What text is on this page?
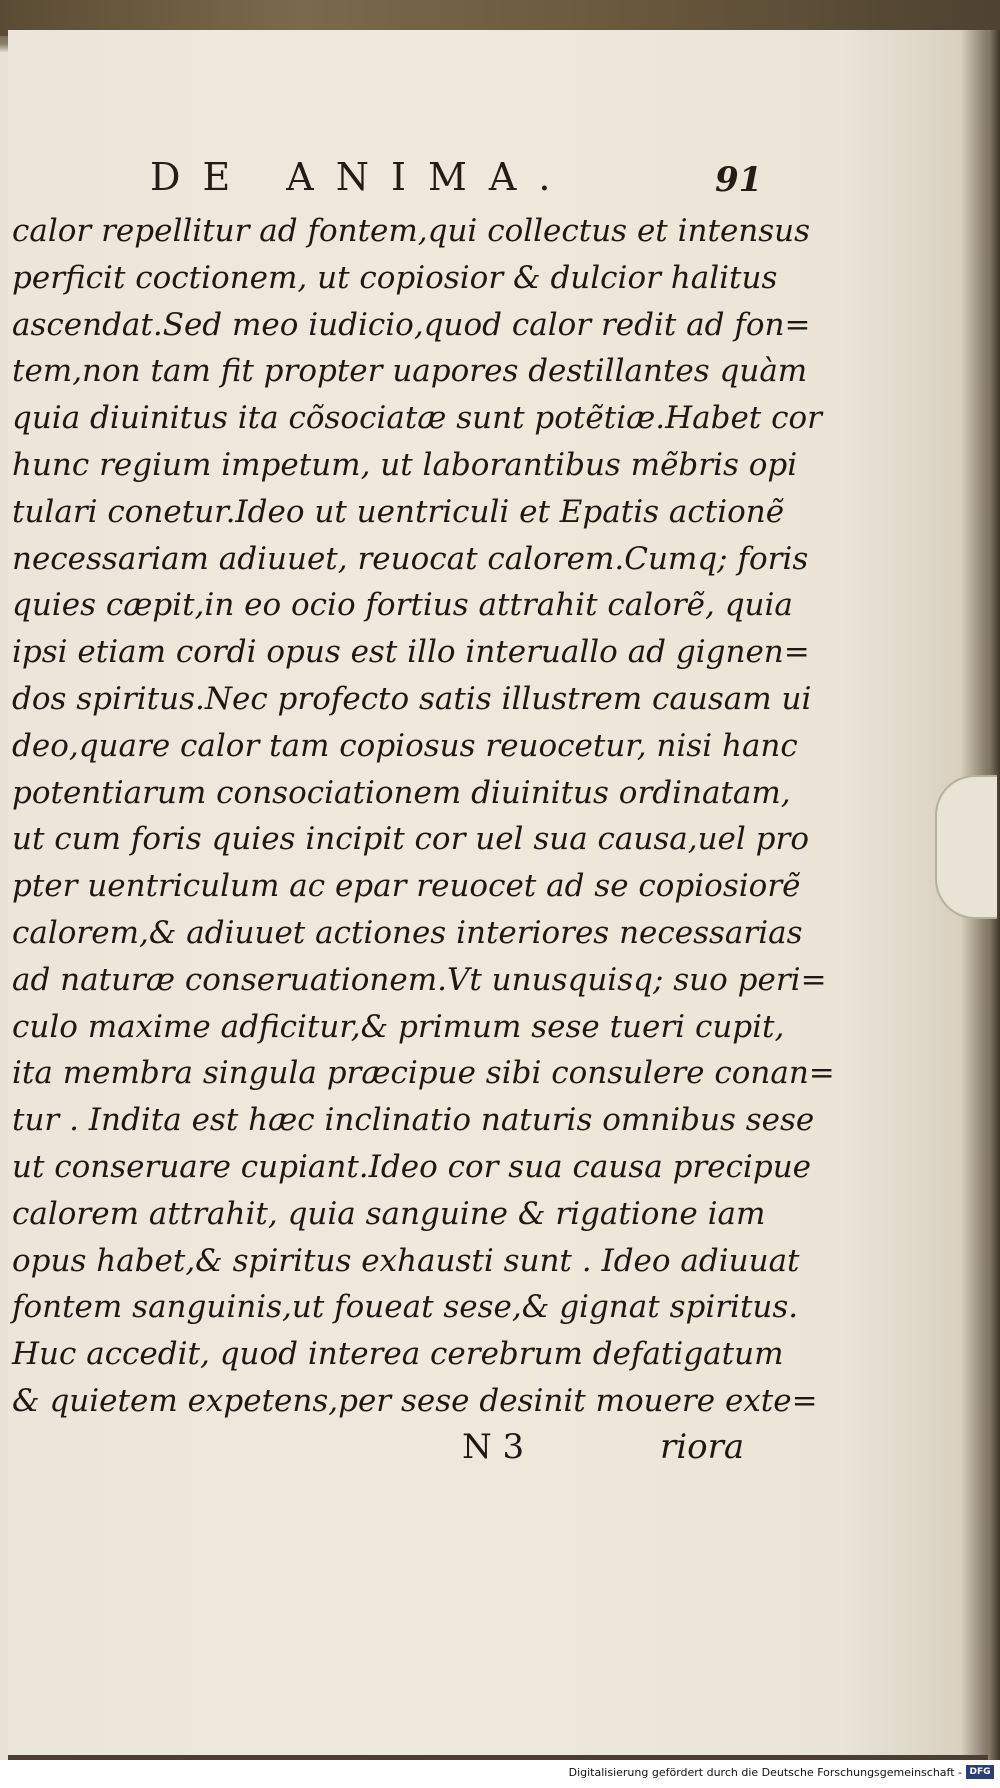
DE ANIMA.	91
calor repellitur ad fontem,qui collectus et intensus
perficit coctionem, ut copiosior & dulcior halitus
ascendat.Sed meo iudicio,quod calor redit ad fon=
tem,non tam fit propter uapores destillantes quàm
quia diuinitus ita cõsociatæ sunt potẽtiæ.Habet cor
hunc regium impetum, ut laborantibus mẽbris opi
tulari conetur.Ideo ut uentriculi et Epatis actionẽ
necessariam adiuuet, reuocat calorem.Cumq; foris
quies cæpit,in eo ocio fortius attrahit calorẽ, quia
ipsi etiam cordi opus est illo interuallo ad gignen=
dos spiritus.Nec profecto satis illustrem causam ui
deo,quare calor tam copiosus reuocetur, nisi hanc
potentiarum consociationem diuinitus ordinatam,
ut cum foris quies incipit cor uel sua causa,uel pro
pter uentriculum ac epar reuocet ad se copiosiorẽ
calorem,& adiuuet actiones interiores necessarias
ad naturæ conseruationem.Vt unusquisq; suo peri=
culo maxime adficitur,& primum sese tueri cupit,
ita membra singula præcipue sibi consulere conan=
tur . Indita est hæc inclinatio naturis omnibus sese
ut conseruare cupiant.Ideo cor sua causa precipue
calorem attrahit, quia sanguine & rigatione iam
opus habet,& spiritus exhausti sunt . Ideo adiuuat
fontem sanguinis,ut foueat sese,& gignat spiritus.
Huc accedit, quod interea cerebrum defatigatum
& quietem expetens,per sese desinit mouere exte=
N 3	riora
Digitalisierung gefördert durch die Deutsche Forschungsgemeinschaft - DFG
